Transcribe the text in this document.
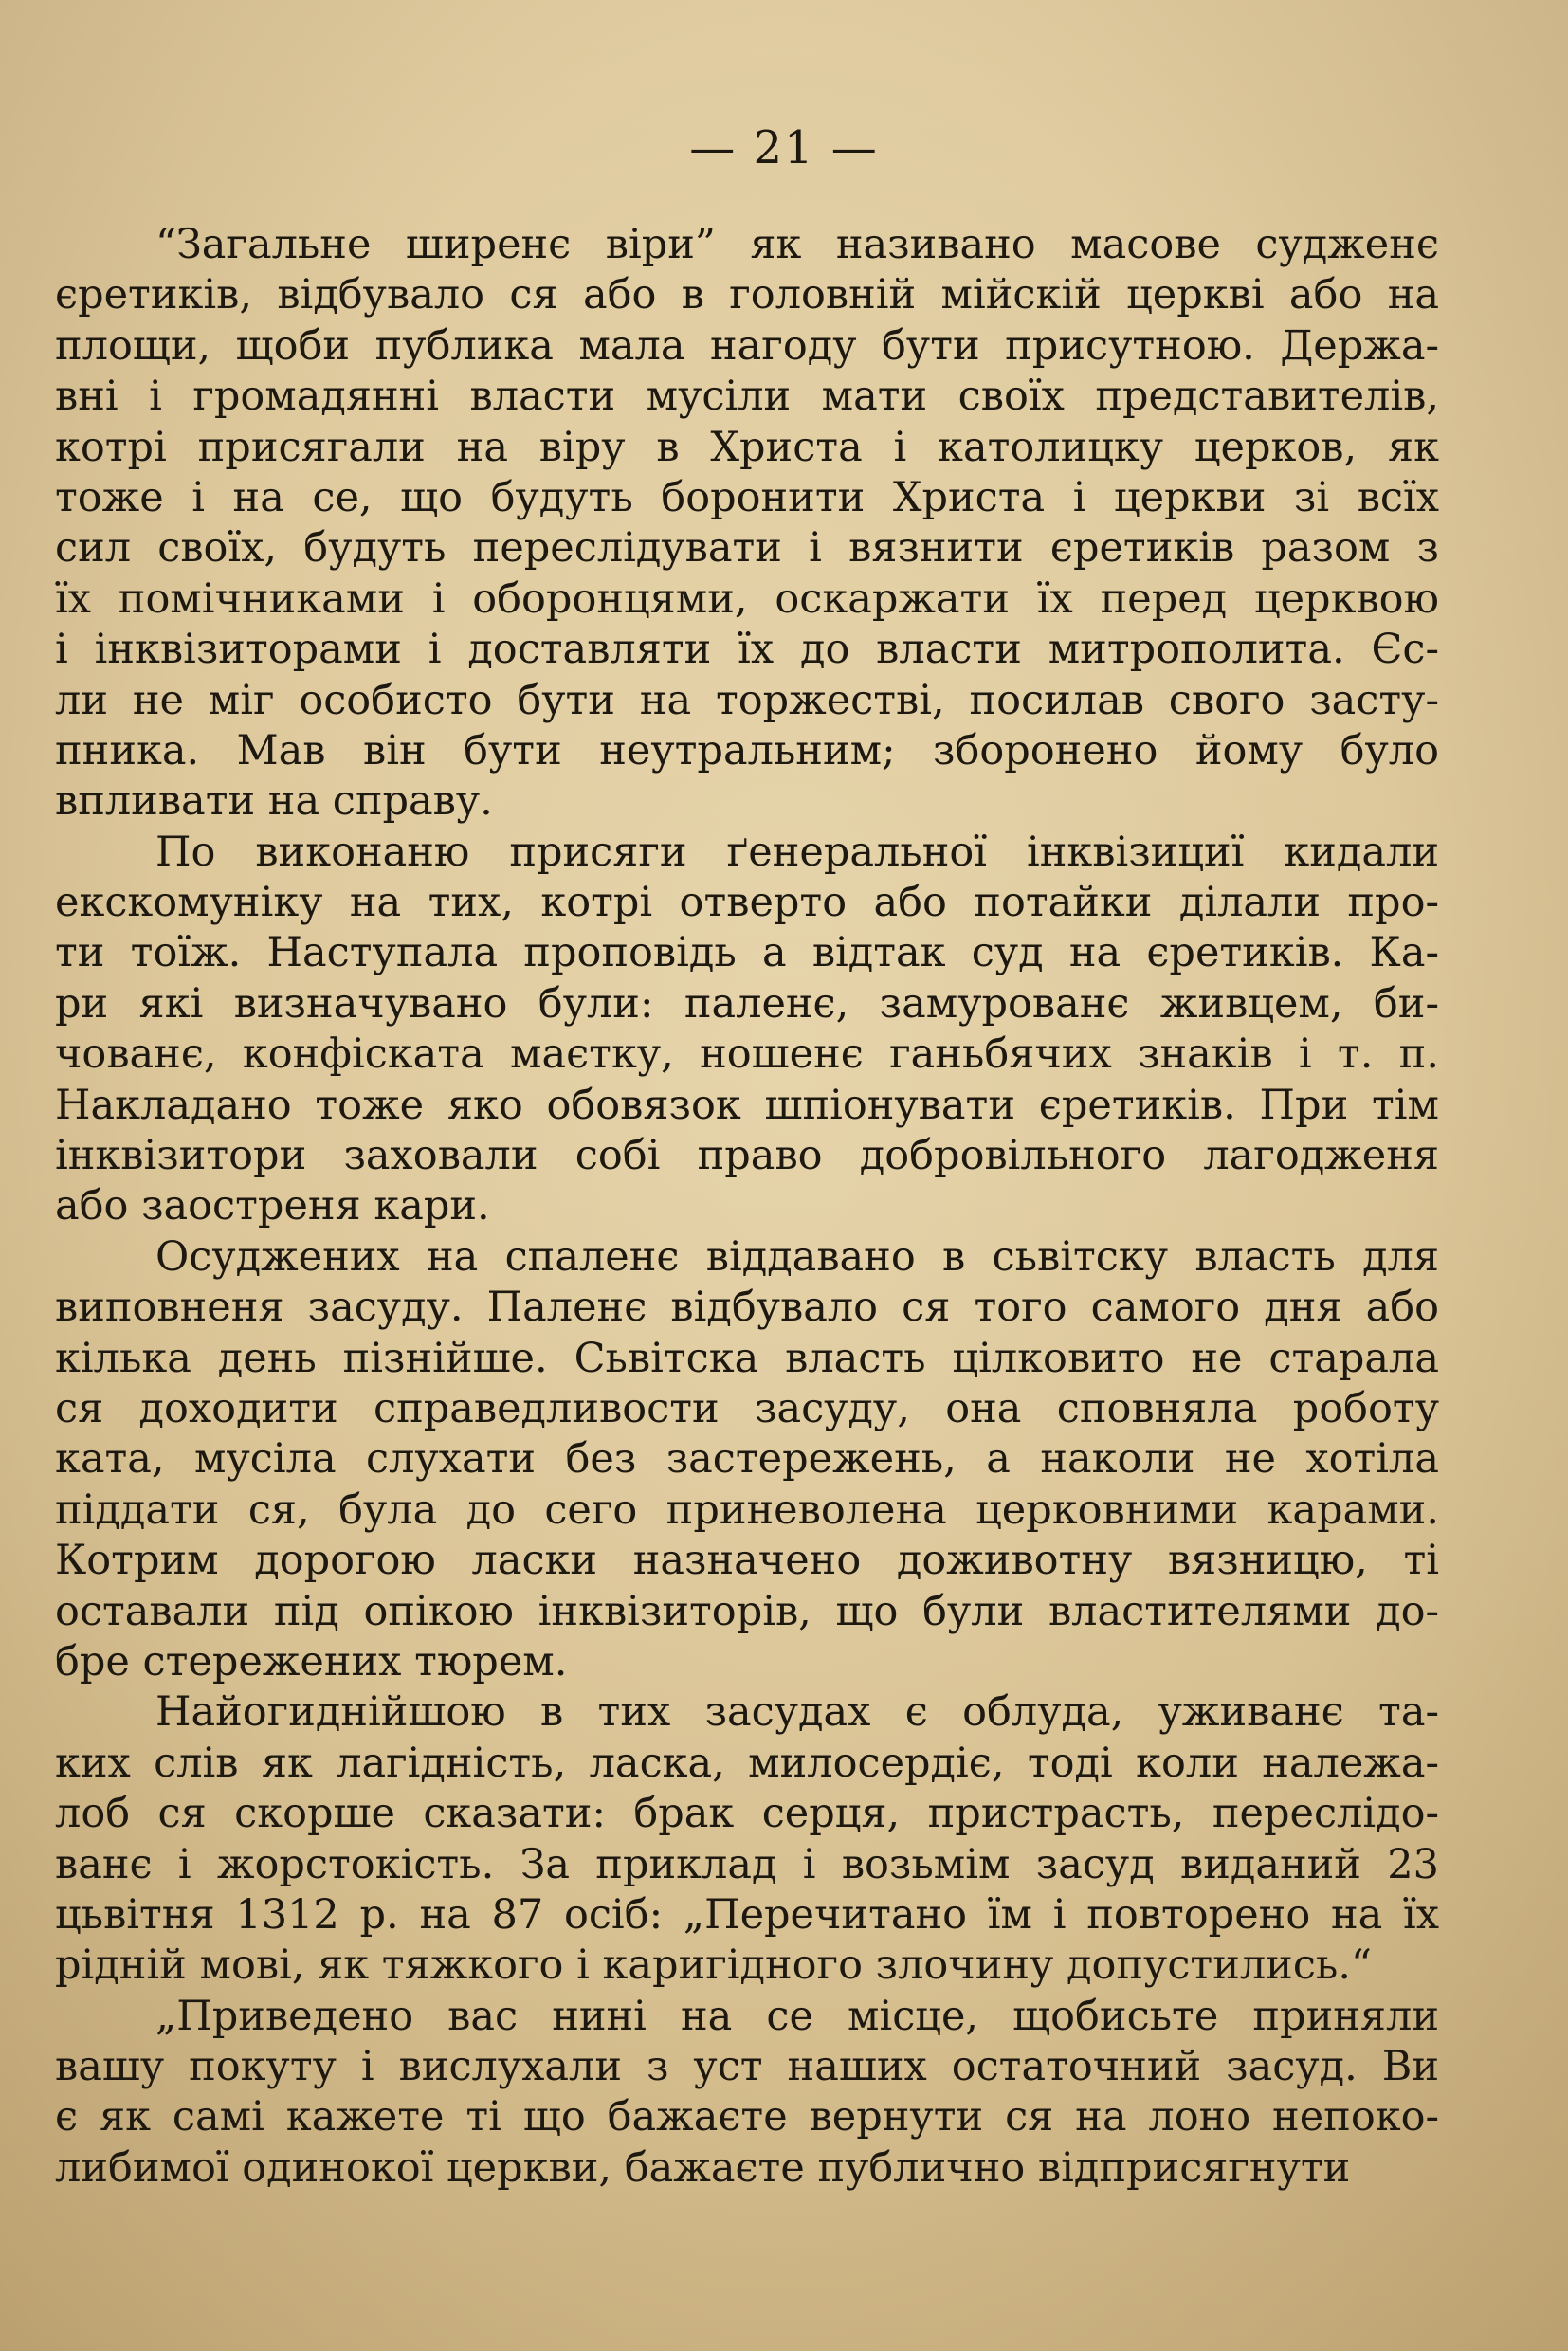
— 21 —
“Загальне ширенє віри” як називано масове судженє
єретиків, відбувало ся або в головній мійскій церкві або на
площи, щоби публика мала нагоду бути присутною. Держа-
вні і громадянні власти мусіли мати своїх представителів,
котрі присягали на віру в Христа і католицку церков, як
тоже і на се, що будуть боронити Христа і церкви зі всїх
сил своїх, будуть переслідувати і вязнити єретиків разом з
їх помічниками і оборонцями, оскаржати їх перед церквою
і інквізиторами і доставляти їх до власти митрополита. Єс-
ли не міг особисто бути на торжестві, посилав свого засту-
пника. Мав він бути неутральним; зборонено йому було
впливати на справу.
По виконаню присяги ґенеральної інквізициї кидали
екскомуніку на тих, котрі отверто або потайки ділали про-
ти тоїж. Наступала проповідь а відтак суд на єретиків. Ка-
ри які визначувано були: паленє, замурованє живцем, би-
чованє, конфіската маєтку, ношенє ганьбячих знаків і т. п.
Накладано тоже яко обовязок шпіонувати єретиків. При тім
інквізитори заховали собі право добровільного лагодженя
або заостреня кари.
Осуджених на спаленє віддавано в сьвітску власть для
виповненя засуду. Паленє відбувало ся того самого дня або
кілька день пізнійше. Сьвітска власть цілковито не старала
ся доходити справедливости засуду, она сповняла роботу
ката, мусіла слухати без застережень, а наколи не хотіла
піддати ся, була до сего приневолена церковними карами.
Котрим дорогою ласки назначено доживотну вязницю, ті
оставали під опікою інквізиторів, що були властителями до-
бре стережених тюрем.
Найогиднійшою в тих засудах є облуда, уживанє та-
ких слів як лагідність, ласка, милосердіє, тоді коли належа-
лоб ся скорше сказати: брак серця, пристрасть, переслідо-
ванє і жорстокість. За приклад і возьмім засуд виданий 23
цьвітня 1312 р. на 87 осіб: „Перечитано їм і повторено на їх
рідній мові, як тяжкого і каригідного злочину допустились.“
„Приведено вас нині на се місце, щобисьте приняли
вашу покуту і вислухали з уст наших остаточний засуд. Ви
є як самі кажете ті що бажаєте вернути ся на лоно непоко-
либимої одинокої церкви, бажаєте публично відприсягнути
